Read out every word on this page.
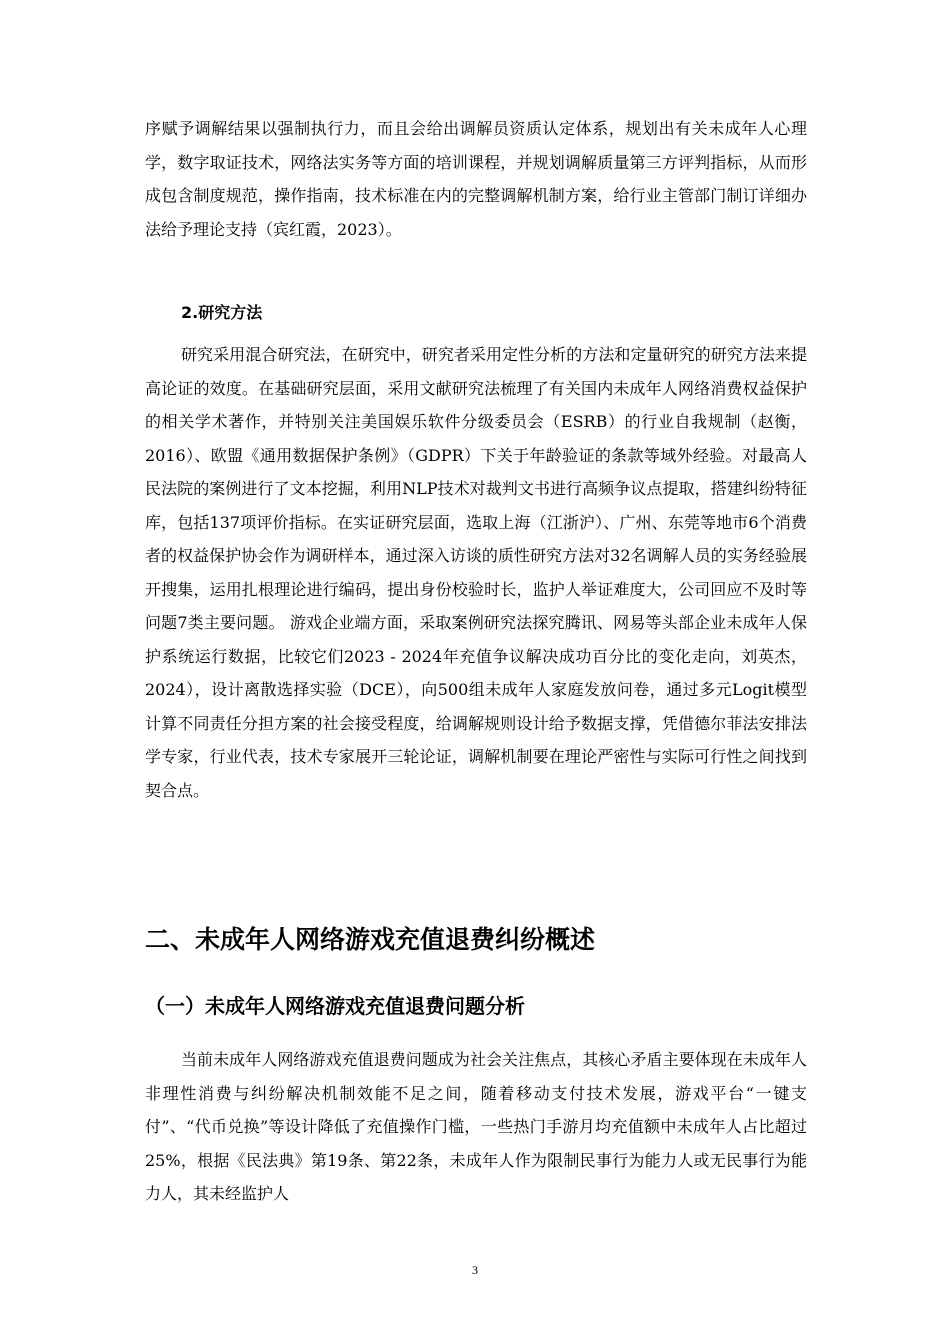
序赋予调解结果以强制执行力，而且会给出调解员资质认定体系，规划出有关未成年人心理学，数字取证技术，网络法实务等方面的培训课程，并规划调解质量第三方评判指标，从而形成包含制度规范，操作指南，技术标准在内的完整调解机制方案，给行业主管部门制订详细办法给予理论支持（宾红霞，2023）。

2.研究方法

研究采用混合研究法，在研究中，研究者采用定性分析的方法和定量研究的研究方法来提高论证的效度。在基础研究层面，采用文献研究法梳理了有关国内未成年人网络消费权益保护的相关学术著作，并特别关注美国娱乐软件分级委员会（ESRB）的行业自我规制（赵衡，2016）、欧盟《通用数据保护条例》（GDPR）下关于年龄验证的条款等域外经验。对最高人民法院的案例进行了文本挖掘，利用NLP技术对裁判文书进行高频争议点提取，搭建纠纷特征库，包括137项评价指标。在实证研究层面，选取上海（江浙沪）、广州、东莞等地市6个消费者的权益保护协会作为调研样本，通过深入访谈的质性研究方法对32名调解人员的实务经验展开搜集，运用扎根理论进行编码，提出身份校验时长，监护人举证难度大，公司回应不及时等问题7类主要问题。 游戏企业端方面，采取案例研究法探究腾讯、网易等头部企业未成年人保护系统运行数据，比较它们2023 - 2024年充值争议解决成功百分比的变化走向，刘英杰，2024），设计离散选择实验（DCE），向500组未成年人家庭发放问卷，通过多元Logit模型计算不同责任分担方案的社会接受程度，给调解规则设计给予数据支撑，凭借德尔菲法安排法学专家，行业代表，技术专家展开三轮论证，调解机制要在理论严密性与实际可行性之间找到契合点。

二、未成年人网络游戏充值退费纠纷概述
（一）未成年人网络游戏充值退费问题分析

当前未成年人网络游戏充值退费问题成为社会关注焦点，其核心矛盾主要体现在未成年人非理性消费与纠纷解决机制效能不足之间，随着移动支付技术发展，游戏平台“一键支付”、“代币兑换”等设计降低了充值操作门槛，一些热门手游月均充值额中未成年人占比超过25%，根据《民法典》第19条、第22条，未成年人作为限制民事行为能力人或无民事行为能力人，其未经监护人

3
